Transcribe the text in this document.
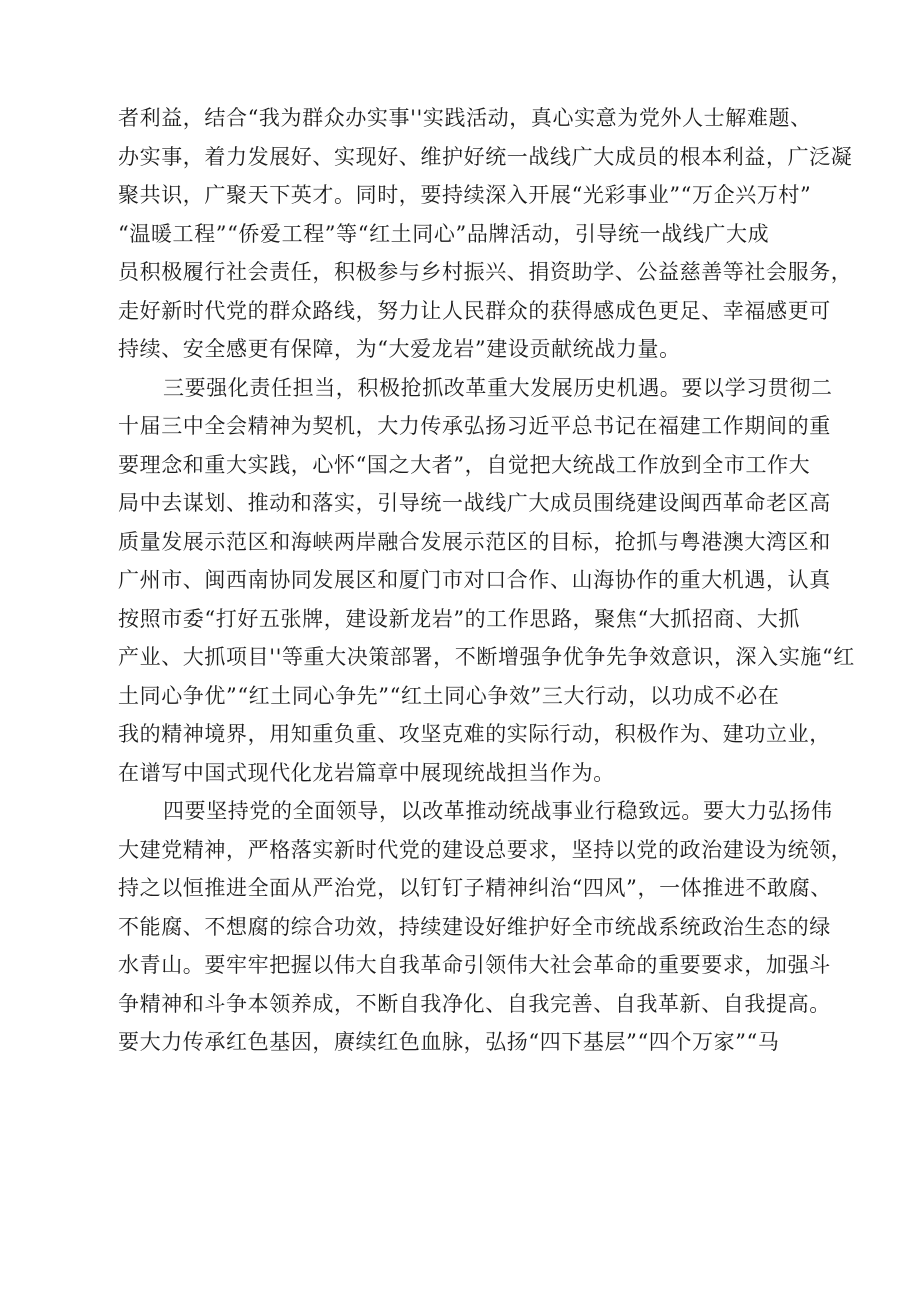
者利益，结合“我为群众办实事''实践活动，真心实意为党外人士解难题、
办实事，着力发展好、实现好、维护好统一战线广大成员的根本利益，广泛凝
聚共识，广聚天下英才。同时，要持续深入开展“光彩事业”“万企兴万村”
“温暖工程”“侨爱工程”等“红土同心”品牌活动，引导统一战线广大成
员积极履行社会责任，积极参与乡村振兴、捐资助学、公益慈善等社会服务，
走好新时代党的群众路线，努力让人民群众的获得感成色更足、幸福感更可
持续、安全感更有保障，为“大爱龙岩”建设贡献统战力量。
三要强化责任担当，积极抢抓改革重大发展历史机遇。要以学习贯彻二
十届三中全会精神为契机，大力传承弘扬习近平总书记在福建工作期间的重
要理念和重大实践，心怀“国之大者”，自觉把大统战工作放到全市工作大
局中去谋划、推动和落实，引导统一战线广大成员围绕建设闽西革命老区高
质量发展示范区和海峡两岸融合发展示范区的目标，抢抓与粤港澳大湾区和
广州市、闽西南协同发展区和厦门市对口合作、山海协作的重大机遇，认真
按照市委“打好五张牌，建设新龙岩”的工作思路，聚焦“大抓招商、大抓
产业、大抓项目''等重大决策部署，不断增强争优争先争效意识，深入实施“红
土同心争优”“红土同心争先”“红土同心争效”三大行动，以功成不必在
我的精神境界，用知重负重、攻坚克难的实际行动，积极作为、建功立业，
在谱写中国式现代化龙岩篇章中展现统战担当作为。
四要坚持党的全面领导，以改革推动统战事业行稳致远。要大力弘扬伟
大建党精神，严格落实新时代党的建设总要求，坚持以党的政治建设为统领，
持之以恒推进全面从严治党，以钉钉子精神纠治“四风”，一体推进不敢腐、
不能腐、不想腐的综合功效，持续建设好维护好全市统战系统政治生态的绿
水青山。要牢牢把握以伟大自我革命引领伟大社会革命的重要要求，加强斗
争精神和斗争本领养成，不断自我净化、自我完善、自我革新、自我提高。
要大力传承红色基因，赓续红色血脉，弘扬“四下基层”“四个万家”“马
